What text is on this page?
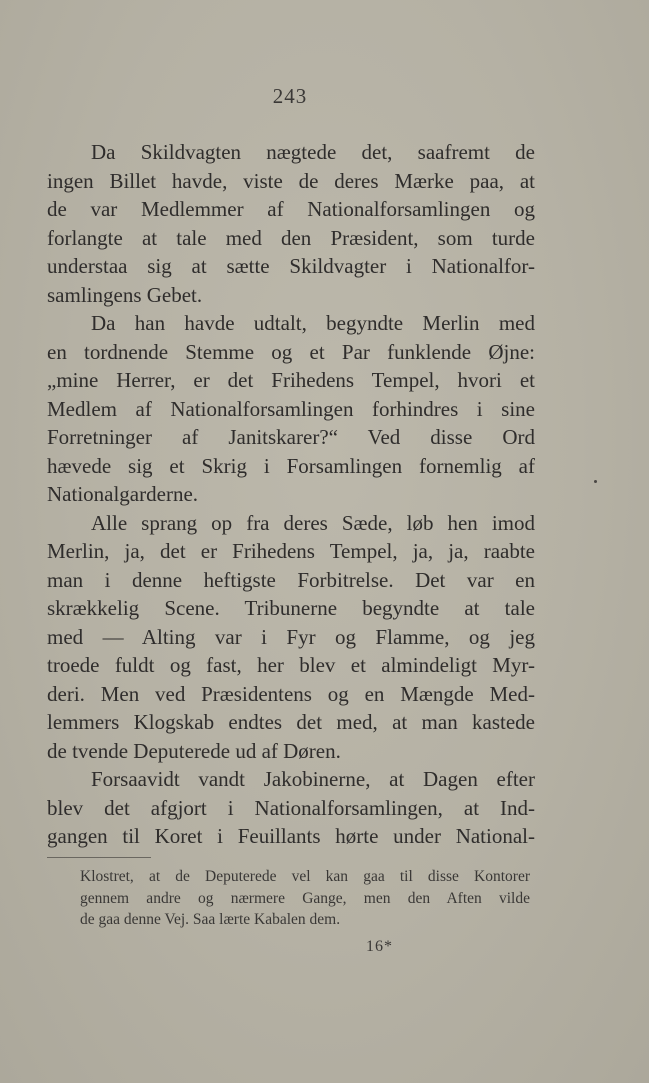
243
Da Skildvagten nægtede det, saafremt de
ingen Billet havde, viste de deres Mærke paa, at
de var Medlemmer af Nationalforsamlingen og
forlangte at tale med den Præsident, som turde
understaa sig at sætte Skildvagter i Nationalfor-
samlingens Gebet.
Da han havde udtalt, begyndte Merlin med
en tordnende Stemme og et Par funklende Øjne:
„mine Herrer, er det Frihedens Tempel, hvori et
Medlem af Nationalforsamlingen forhindres i sine
Forretninger af Janitskarer?“ Ved disse Ord
hævede sig et Skrig i Forsamlingen fornemlig af
Nationalgarderne.
Alle sprang op fra deres Sæde, løb hen imod
Merlin, ja, det er Frihedens Tempel, ja, ja, raabte
man i denne heftigste Forbitrelse. Det var en
skrækkelig Scene. Tribunerne begyndte at tale
med — Alting var i Fyr og Flamme, og jeg
troede fuldt og fast, her blev et almindeligt Myr-
deri. Men ved Præsidentens og en Mængde Med-
lemmers Klogskab endtes det med, at man kastede
de tvende Deputerede ud af Døren.
Forsaavidt vandt Jakobinerne, at Dagen efter
blev det afgjort i Nationalforsamlingen, at Ind-
gangen til Koret i Feuillants hørte under National-
Klostret, at de Deputerede vel kan gaa til disse Kontorer
gennem andre og nærmere Gange, men den Aften vilde
de gaa denne Vej. Saa lærte Kabalen dem.
16*
